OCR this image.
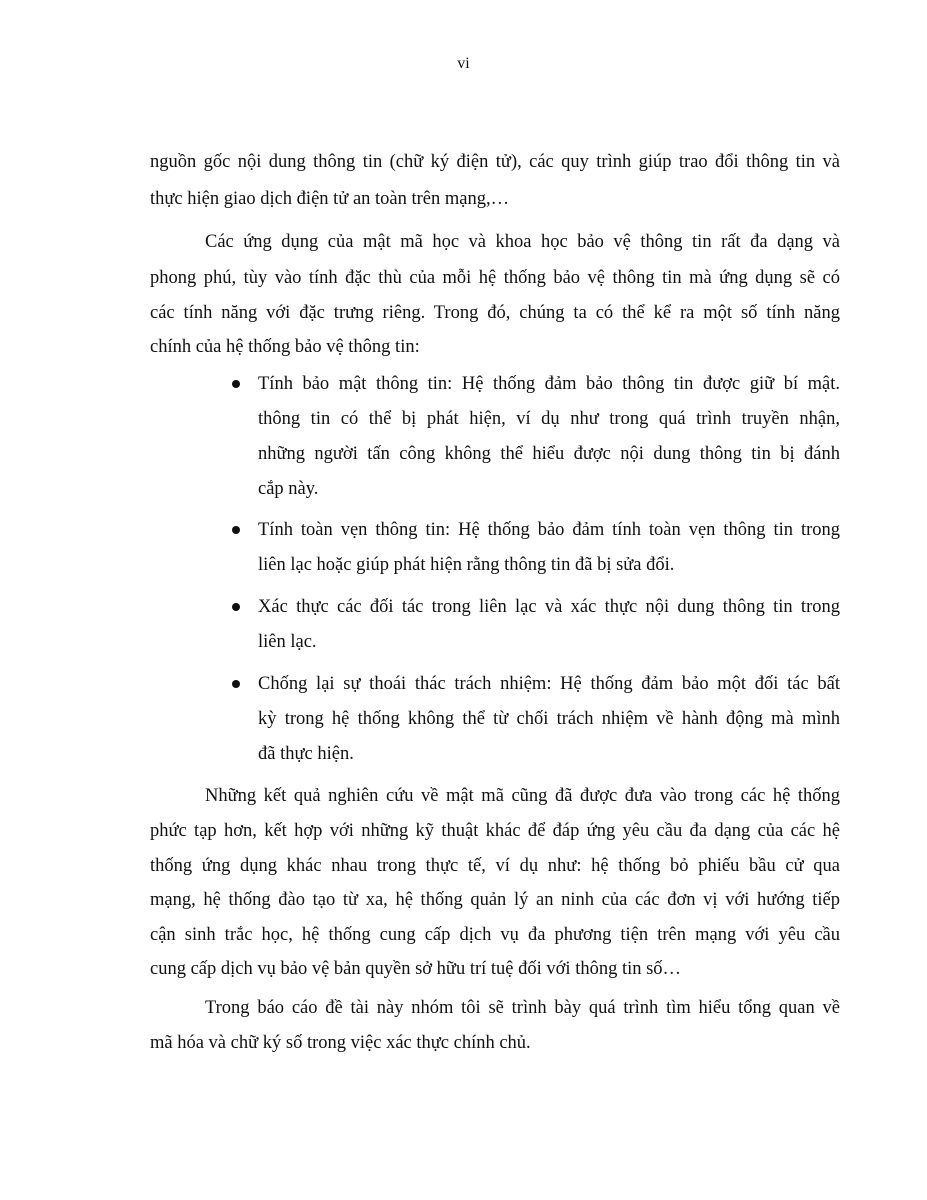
vi
nguồn gốc nội dung thông tin (chữ ký điện tử), các quy trình giúp trao đổi thông tin và
thực hiện giao dịch điện tử an toàn trên mạng,…
Các ứng dụng của mật mã học và khoa học bảo vệ thông tin rất đa dạng và
phong phú, tùy vào tính đặc thù của mỗi hệ thống bảo vệ thông tin mà ứng dụng sẽ có
các tính năng với đặc trưng riêng. Trong đó, chúng ta có thể kể ra một số tính năng
chính của hệ thống bảo vệ thông tin:
Tính bảo mật thông tin: Hệ thống đảm bảo thông tin được giữ bí mật.
thông tin có thể bị phát hiện, ví dụ như trong quá trình truyền nhận,
những người tấn công không thể hiểu được nội dung thông tin bị đánh
cắp này.
Tính toàn vẹn thông tin: Hệ thống bảo đảm tính toàn vẹn thông tin trong
liên lạc hoặc giúp phát hiện rằng thông tin đã bị sửa đổi.
Xác thực các đối tác trong liên lạc và xác thực nội dung thông tin trong
liên lạc.
Chống lại sự thoái thác trách nhiệm: Hệ thống đảm bảo một đối tác bất
kỳ trong hệ thống không thể từ chối trách nhiệm về hành động mà mình
đã thực hiện.
Những kết quả nghiên cứu về mật mã cũng đã được đưa vào trong các hệ thống
phức tạp hơn, kết hợp với những kỹ thuật khác để đáp ứng yêu cầu đa dạng của các hệ
thống ứng dụng khác nhau trong thực tế, ví dụ như: hệ thống bỏ phiếu bầu cử qua
mạng, hệ thống đào tạo từ xa, hệ thống quản lý an ninh của các đơn vị với hướng tiếp
cận sinh trắc học, hệ thống cung cấp dịch vụ đa phương tiện trên mạng với yêu cầu
cung cấp dịch vụ bảo vệ bản quyền sở hữu trí tuệ đối với thông tin số…
Trong báo cáo đề tài này nhóm tôi sẽ trình bày quá trình tìm hiểu tổng quan về
mã hóa và chữ ký số trong việc xác thực chính chủ.
